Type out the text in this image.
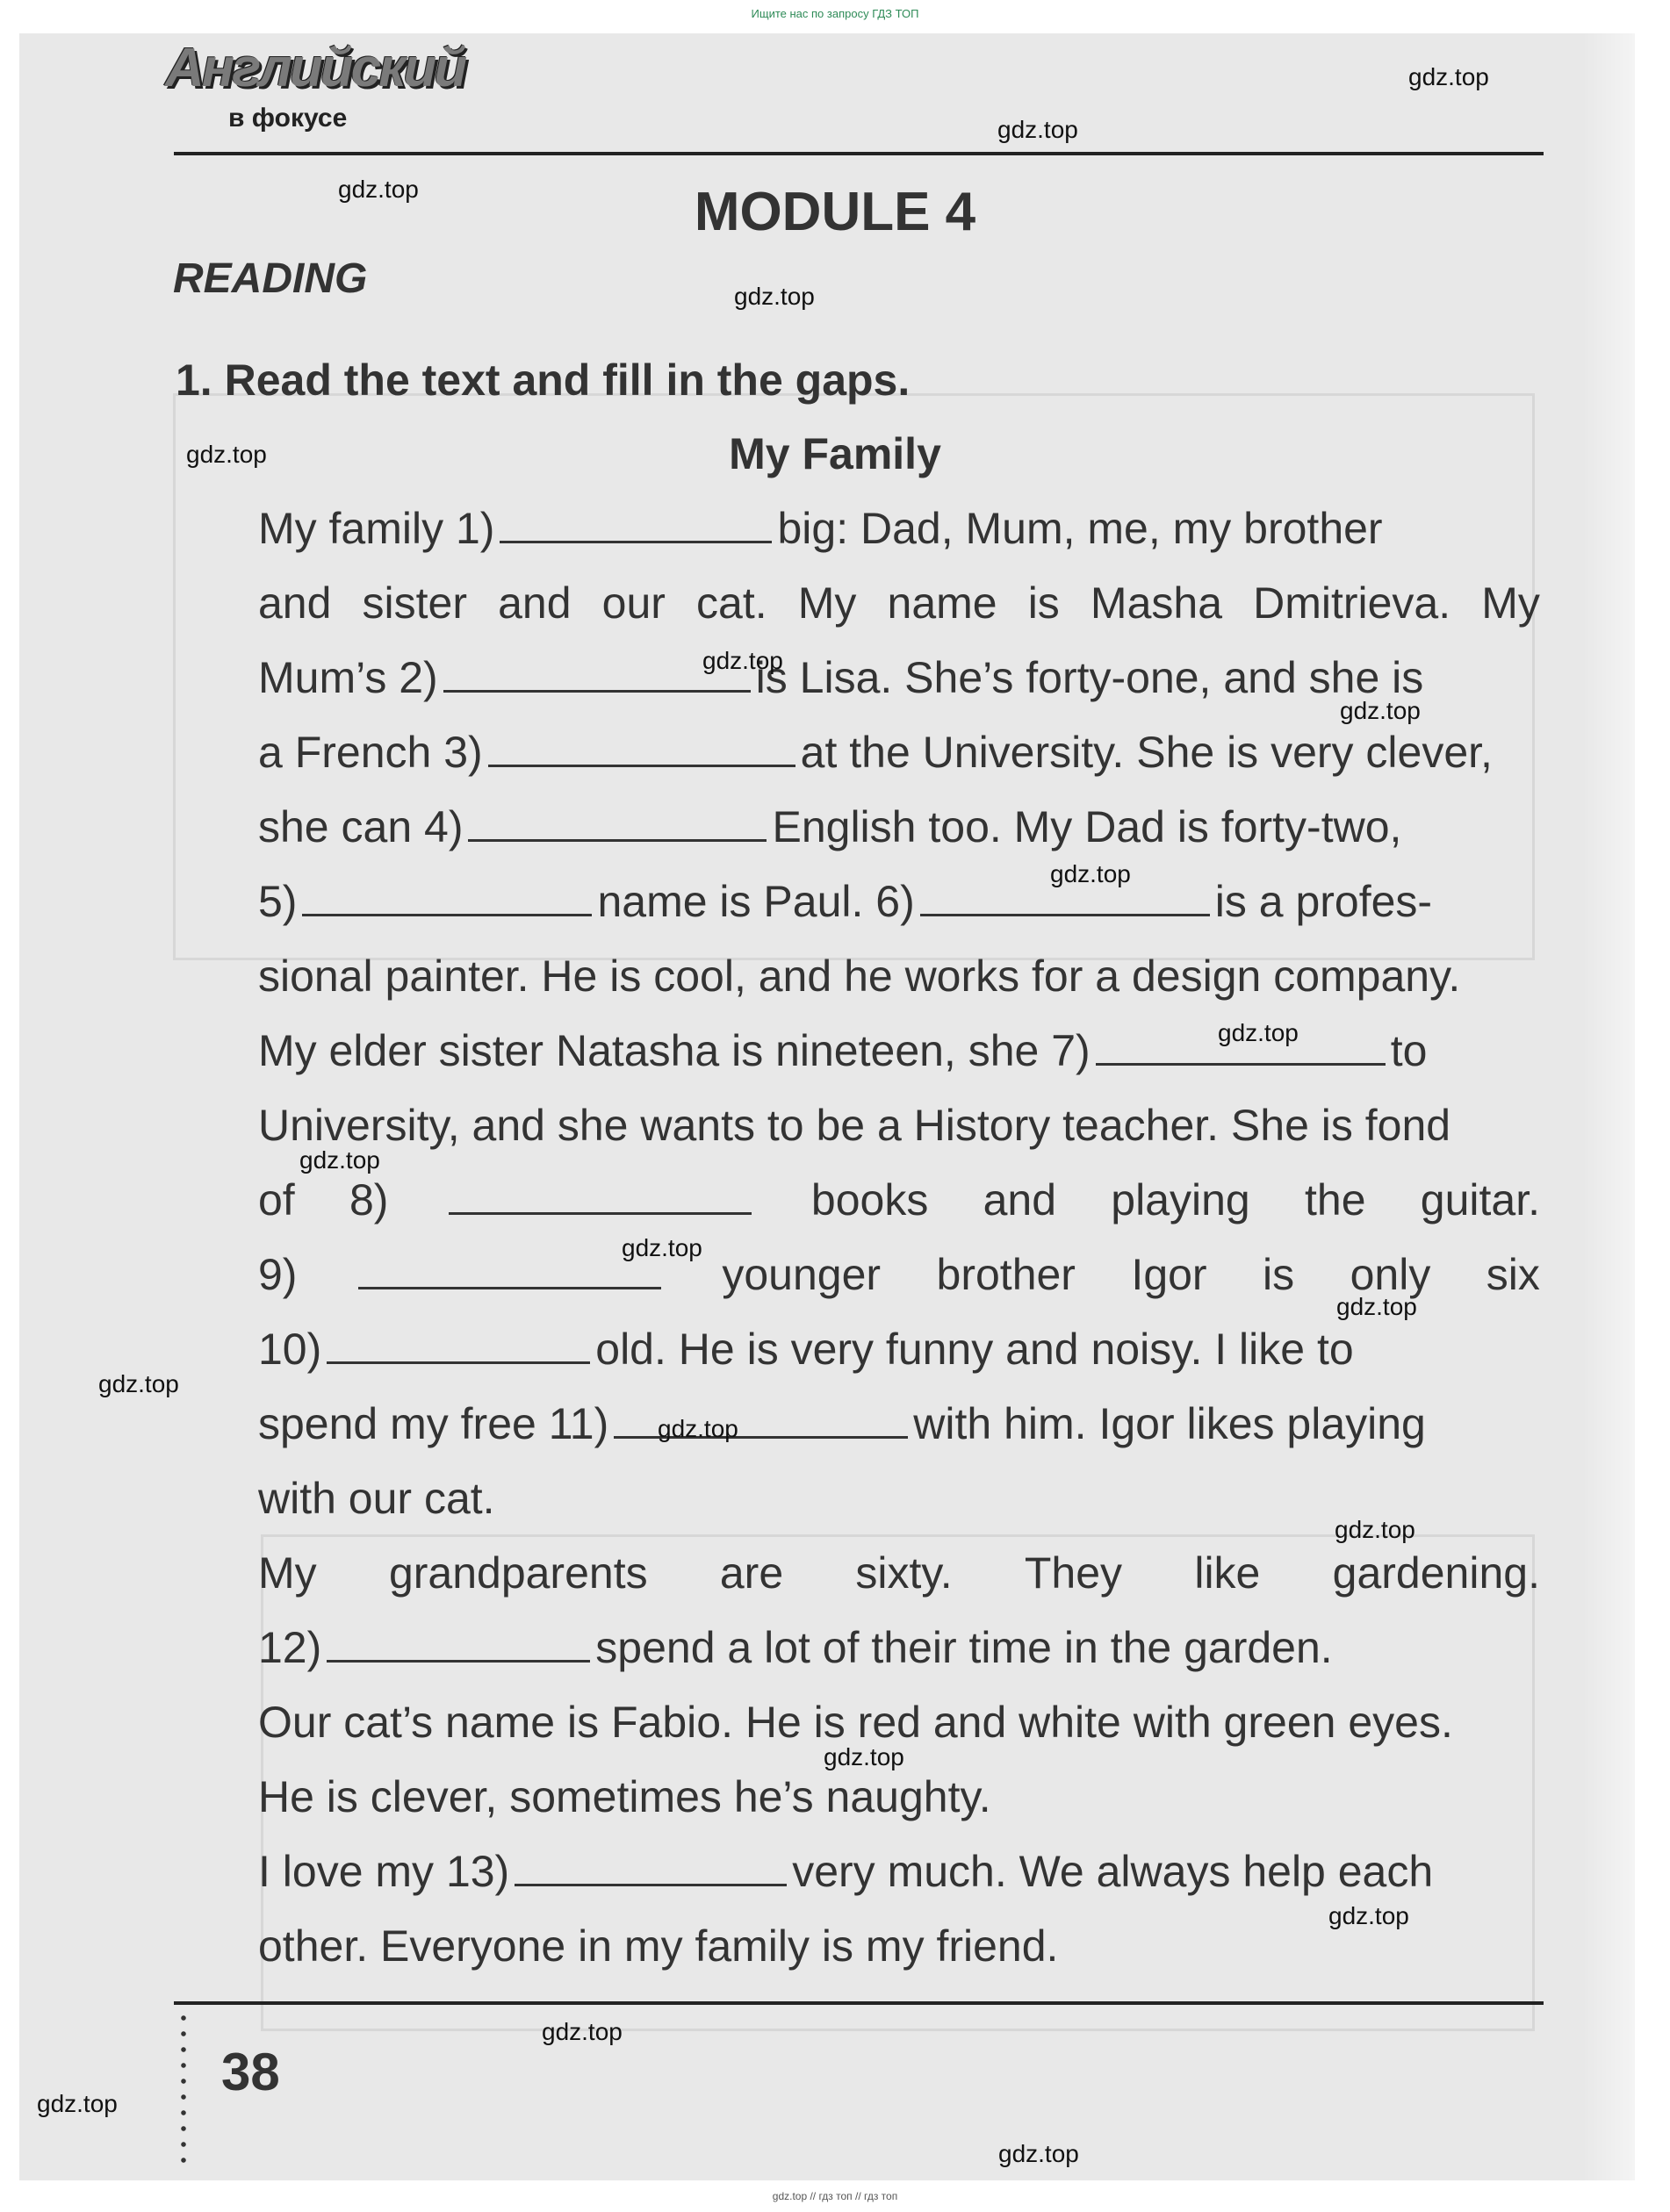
Ищите нас по запросу ГДЗ ТОП
Английский
в фокусе
MODULE 4
READING
1. Read the text and fill in the gaps.
My Family
My family 1)	big: Dad, Mum, me, my brother
and sister and our cat. My name is Masha Dmitrieva. My
Mum’s 2)	is Lisa. She’s forty-one, and she is
a French 3)	at the University. She is very clever,
she can 4)	English too. My Dad is forty-two,
5)	name is Paul. 6)	is a profes-
sional painter. He is cool, and he works for a design company.
My elder sister Natasha is nineteen, she 7)	to
University, and she wants to be a History teacher. She is fond
of 8)	books and playing the guitar.
9)	younger brother Igor is only six
10)	old. He is very funny and noisy. I like to
spend my free 11)	with him. Igor likes playing
with our cat.
My grandparents are sixty. They like gardening.
12)	spend a lot of their time in the garden.
Our cat’s name is Fabio. He is red and white with green eyes.
He is clever, sometimes he’s naughty.
I love my 13)	very much. We always help each
other. Everyone in my family is my friend.
38
gdz.top
gdz.top
gdz.top
gdz.top
gdz.top
gdz.top
gdz.top
gdz.top
gdz.top
gdz.top
gdz.top
gdz.top
gdz.top
gdz.top
gdz.top
gdz.top
gdz.top
gdz.top
gdz.top
gdz.top
gdz.top // гдз топ // гдз топ
